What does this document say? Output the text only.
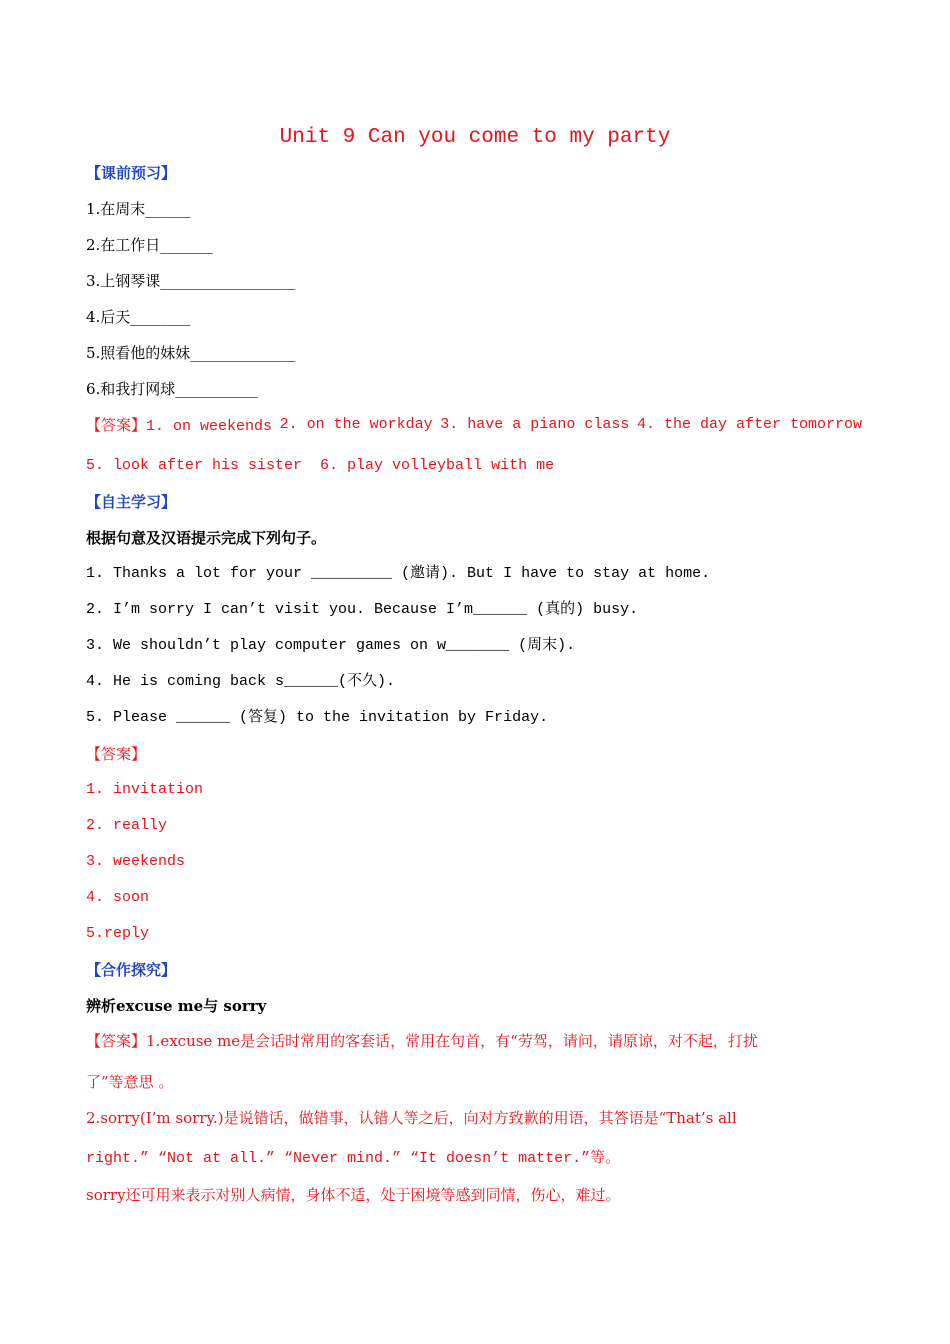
Unit 9 Can you come to my party

【课前预习】

1.在周末______

2.在工作日_______

3.上钢琴课__________________

4.后天________

5.照看他的妹妹______________

6.和我打网球___________

【答案】1. on weekends 2. on the workday 3. have a piano class 4. the day after tomorrow

5. look after his sister  6. play volleyball with me

【自主学习】

根据句意及汉语提示完成下列句子。

1. Thanks a lot for your _________ (邀请). But I have to stay at home.

2. I’m sorry I can’t visit you. Because I’m______ (真的) busy.

3. We shouldn’t play computer games on w_______ (周末).

4. He is coming back s______(不久).

5. Please ______ (答复) to the invitation by Friday.

【答案】

1. invitation

2. really

3. weekends

4. soon

5.reply

【合作探究】

辨析excuse me与 sorry

【答案】1.excuse me是会话时常用的客套话，常用在句首，有“劳驾，请问，请原谅，对不起，打扰

了”等意思 。

2.sorry(I’m sorry.)是说错话，做错事，认错人等之后，向对方致歉的用语，其答语是“That’s all

right.” “Not at all.” “Never mind.” “It doesn’t matter.”等。

sorry还可用来表示对别人病情，身体不适，处于困境等感到同情，伤心，难过。
